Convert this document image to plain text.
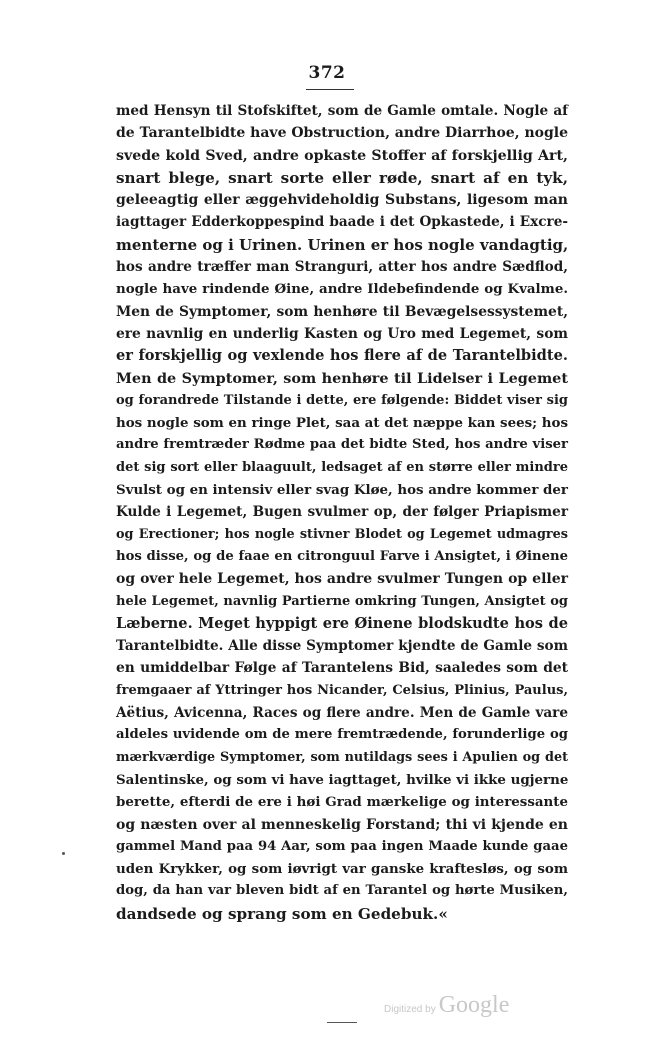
372
med Hensyn til Stofskiftet, som de Gamle omtale. Nogle af
de Tarantelbidte have Obstruction, andre Diarrhoe, nogle
svede kold Sved, andre opkaste Stoffer af forskjellig Art,
snart blege, snart sorte eller røde, snart af en tyk,
geleeagtig eller æggehvideholdig Substans, ligesom man
iagttager Edderkoppespind baade i det Opkastede, i Excre-
menterne og i Urinen. Urinen er hos nogle vandagtig,
hos andre træffer man Stranguri, atter hos andre Sædflod,
nogle have rindende Øine, andre Ildebefindende og Kvalme.
Men de Symptomer, som henhøre til Bevægelsessystemet,
ere navnlig en underlig Kasten og Uro med Legemet, som
er forskjellig og vexlende hos flere af de Tarantelbidte.
Men de Symptomer, som henhøre til Lidelser i Legemet
og forandrede Tilstande i dette, ere følgende: Biddet viser sig
hos nogle som en ringe Plet, saa at det næppe kan sees; hos
andre fremtræder Rødme paa det bidte Sted, hos andre viser
det sig sort eller blaaguult, ledsaget af en større eller mindre
Svulst og en intensiv eller svag Kløe, hos andre kommer der
Kulde i Legemet, Bugen svulmer op, der følger Priapismer
og Erectioner; hos nogle stivner Blodet og Legemet udmagres
hos disse, og de faae en citronguul Farve i Ansigtet, i Øinene
og over hele Legemet, hos andre svulmer Tungen op eller
hele Legemet, navnlig Partierne omkring Tungen, Ansigtet og
Læberne. Meget hyppigt ere Øinene blodskudte hos de
Tarantelbidte. Alle disse Symptomer kjendte de Gamle som
en umiddelbar Følge af Tarantelens Bid, saaledes som det
fremgaaer af Yttringer hos Nicander, Celsius, Plinius, Paulus,
Aëtius, Avicenna, Races og flere andre. Men de Gamle vare
aldeles uvidende om de mere fremtrædende, forunderlige og
mærkværdige Symptomer, som nutildags sees i Apulien og det
Salentinske, og som vi have iagttaget, hvilke vi ikke ugjerne
berette, efterdi de ere i høi Grad mærkelige og interessante
og næsten over al menneskelig Forstand; thi vi kjende en
gammel Mand paa 94 Aar, som paa ingen Maade kunde gaae
uden Krykker, og som iøvrigt var ganske kraftesløs, og som
dog, da han var bleven bidt af en Tarantel og hørte Musiken,
dandsede og sprang som en Gedebuk.«
Digitized by Google
